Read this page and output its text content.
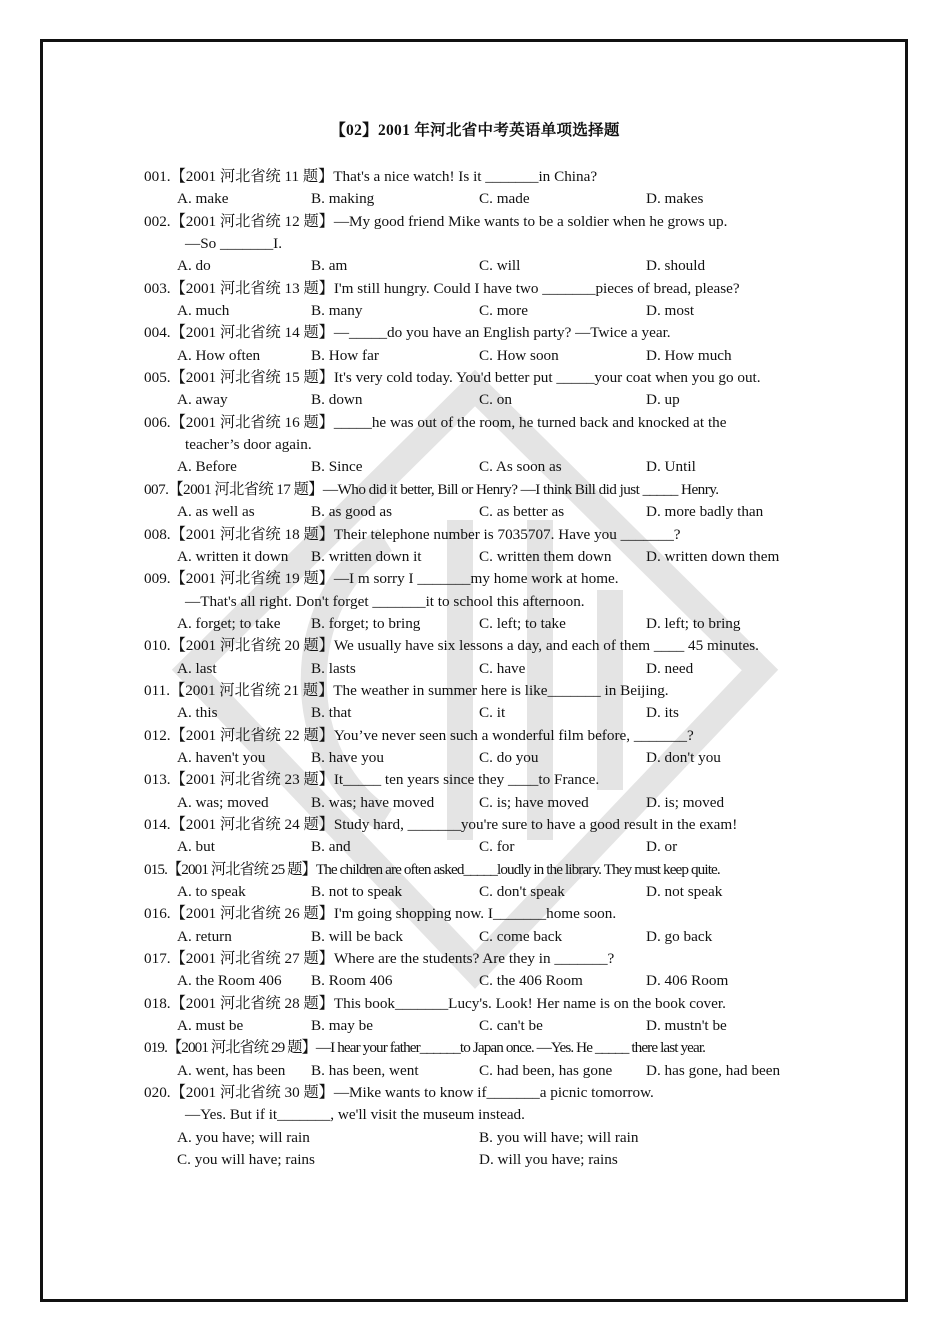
【02】2001 年河北省中考英语单项选择题
001.【2001 河北省统 11 题】That's a nice watch! Is it _______in China?
A. make	B. making	C. made	D. makes
002.【2001 河北省统 12 题】—My good friend Mike wants to be a soldier when he grows up.
—So _______I.
A. do	B. am	C. will	D. should
003.【2001 河北省统 13 题】I'm still hungry. Could I have two _______pieces of bread, please?
A. much	B. many	C. more	D. most
004.【2001 河北省统 14 题】—_____do you have an English party? —Twice a year.
A. How often	B. How far	C. How soon	D. How much
005.【2001 河北省统 15 题】It's very cold today. You'd better put _____your coat when you go out.
A. away	B. down	C. on	D. up
006.【2001 河北省统 16 题】_____he was out of the room, he turned back and knocked at the
teacher’s door again.
A. Before	B. Since	C. As soon as	D. Until
007.【2001 河北省统 17 题】—Who did it better, Bill or Henry? —I think Bill did just _____ Henry.
A. as well as	B. as good as	C. as better as	D. more badly than
008.【2001 河北省统 18 题】Their telephone number is 7035707. Have you _______?
A. written it down B. written down it	C. written them down D. written down them
009.【2001 河北省统 19 题】—I m sorry I _______my home work at home.
—That's all right. Don't forget _______it to school this afternoon.
A. forget; to take B. forget; to bring	C. left; to take	D. left; to bring
010.【2001 河北省统 20 题】We usually have six lessons a day, and each of them ____ 45 minutes.
A. last	B. lasts	C. have	D. need
011.【2001 河北省统 21 题】The weather in summer here is like_______ in Beijing.
A. this	B. that	C. it	D. its
012.【2001 河北省统 22 题】You’ve never seen such a wonderful film before, _______?
A. haven't you	B. have you	C. do you	D. don't you
013.【2001 河北省统 23 题】It_____ ten years since they ____to France.
A. was; moved	B. was; have moved	C. is; have moved	D. is; moved
014.【2001 河北省统 24 题】Study hard, _______you're sure to have a good result in the exam!
A. but	B. and	C. for	D. or
015.【2001 河北省统 25 题】The children are often asked_____loudly in the library. They must keep quite.
A. to speak	B. not to speak	C. don't speak	D. not speak
016.【2001 河北省统 26 题】I'm going shopping now. I_______home soon.
A. return	B. will be back	C. come back	D. go back
017.【2001 河北省统 27 题】Where are the students? Are they in _______?
A. the Room 406 B. Room 406	C. the 406 Room	D. 406 Room
018.【2001 河北省统 28 题】This book_______Lucy's. Look! Her name is on the book cover.
A. must be	B. may be	C. can't be	D. mustn't be
019.【2001 河北省统 29 题】—I hear your father______to Japan once. —Yes. He _____ there last year.
A. went, has been B. has been, went	C. had been, has gone D. has gone, had been
020.【2001 河北省统 30 题】—Mike wants to know if_______a picnic tomorrow.
—Yes. But if it_______, we'll visit the museum instead.
A. you have; will rain	B. you will have; will rain
C. you will have; rains	D. will you have; rains
